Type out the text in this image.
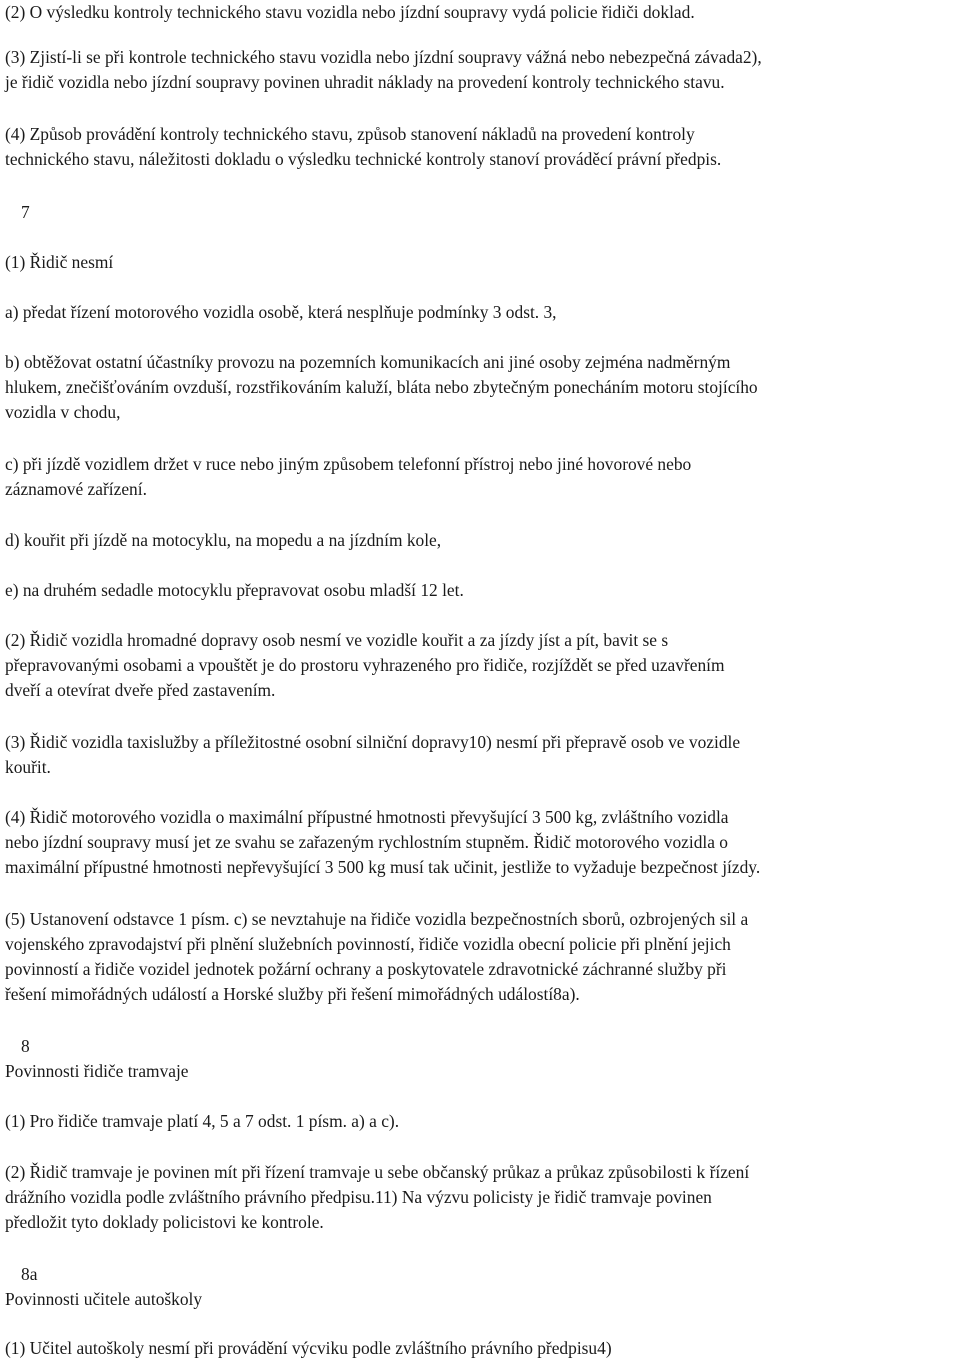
(2) O výsledku kontroly technického stavu vozidla nebo jízdní soupravy vydá policie řidiči doklad.

(3) Zjistí-li se při kontrole technického stavu vozidla nebo jízdní soupravy vážná nebo nebezpečná závada2),
je řidič vozidla nebo jízdní soupravy povinen uhradit náklady na provedení kontroly technického stavu.

(4) Způsob provádění kontroly technického stavu, způsob stanovení nákladů na provedení kontroly
technického stavu, náležitosti dokladu o výsledku technické kontroly stanoví prováděcí právní předpis.

7

(1) Řidič nesmí

a) předat řízení motorového vozidla osobě, která nesplňuje podmínky 3 odst. 3,

b) obtěžovat ostatní účastníky provozu na pozemních komunikacích ani jiné osoby zejména nadměrným
hlukem, znečišťováním ovzduší, rozstřikováním kaluží, bláta nebo zbytečným ponecháním motoru stojícího
vozidla v chodu,

c) při jízdě vozidlem držet v ruce nebo jiným způsobem telefonní přístroj nebo jiné hovorové nebo
záznamové zařízení.

d) kouřit při jízdě na motocyklu, na mopedu a na jízdním kole,

e) na druhém sedadle motocyklu přepravovat osobu mladší 12 let.

(2) Řidič vozidla hromadné dopravy osob nesmí ve vozidle kouřit a za jízdy jíst a pít, bavit se s
přepravovanými osobami a vpouštět je do prostoru vyhrazeného pro řidiče, rozjíždět se před uzavřením
dveří a otevírat dveře před zastavením.

(3) Řidič vozidla taxislužby a příležitostné osobní silniční dopravy10) nesmí při přepravě osob ve vozidle
kouřit.

(4) Řidič motorového vozidla o maximální přípustné hmotnosti převyšující 3 500 kg, zvláštního vozidla
nebo jízdní soupravy musí jet ze svahu se zařazeným rychlostním stupněm. Řidič motorového vozidla o
maximální přípustné hmotnosti nepřevyšující 3 500 kg musí tak učinit, jestliže to vyžaduje bezpečnost jízdy.

(5) Ustanovení odstavce 1 písm. c) se nevztahuje na řidiče vozidla bezpečnostních sborů, ozbrojených sil a
vojenského zpravodajství při plnění služebních povinností, řidiče vozidla obecní policie při plnění jejich
povinností a řidiče vozidel jednotek požární ochrany a poskytovatele zdravotnické záchranné služby při
řešení mimořádných událostí a Horské služby při řešení mimořádných událostí8a).

8
Povinnosti řidiče tramvaje

(1) Pro řidiče tramvaje platí 4, 5 a 7 odst. 1 písm. a) a c).

(2) Řidič tramvaje je povinen mít při řízení tramvaje u sebe občanský průkaz a průkaz způsobilosti k řízení
drážního vozidla podle zvláštního právního předpisu.11) Na výzvu policisty je řidič tramvaje povinen
předložit tyto doklady policistovi ke kontrole.

8a
Povinnosti učitele autoškoly

(1) Učitel autoškoly nesmí při provádění výcviku podle zvláštního právního předpisu4)
